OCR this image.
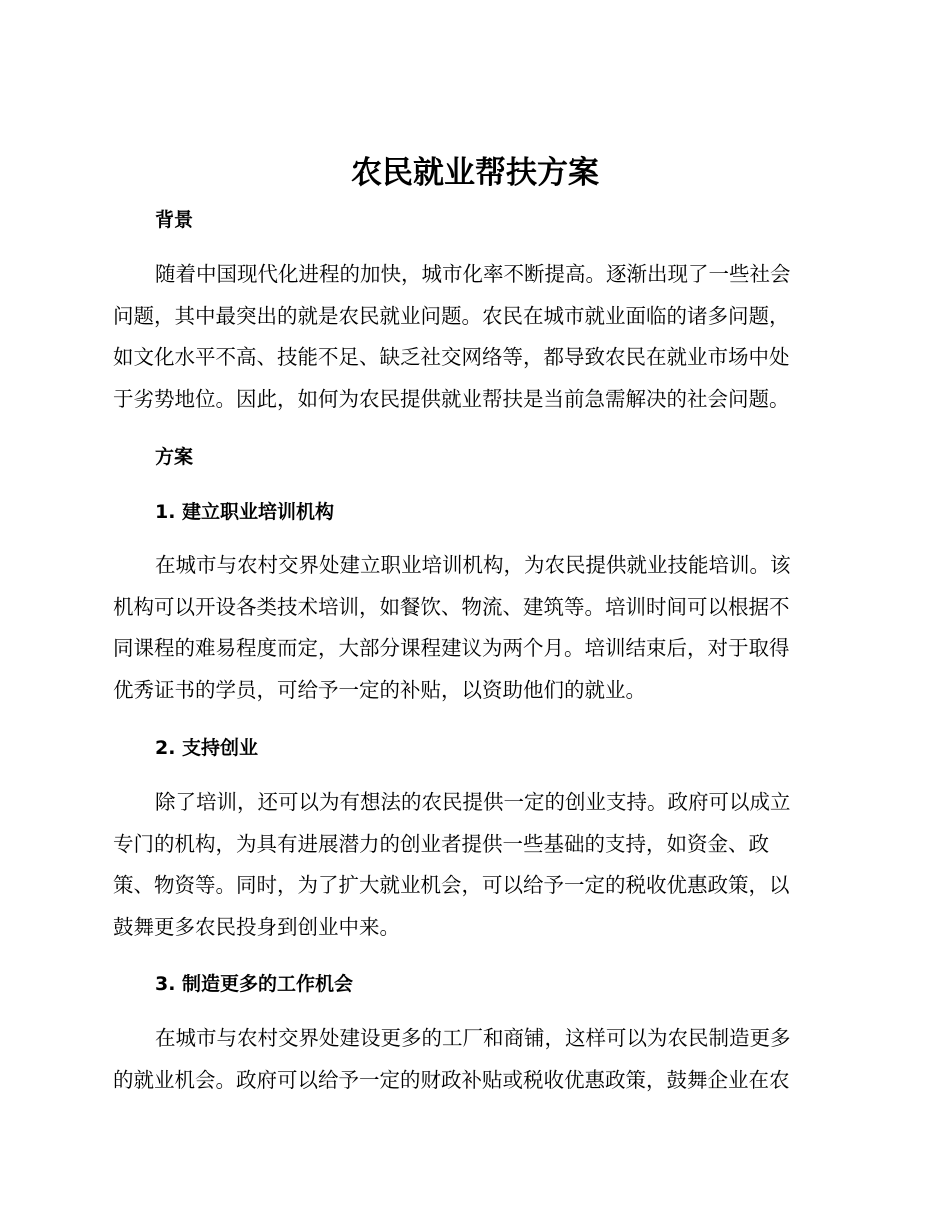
农民就业帮扶方案
背景
随着中国现代化进程的加快，城市化率不断提高。逐渐出现了一些社会
问题，其中最突出的就是农民就业问题。农民在城市就业面临的诸多问题，
如文化水平不高、技能不足、缺乏社交网络等，都导致农民在就业市场中处
于劣势地位。因此，如何为农民提供就业帮扶是当前急需解决的社会问题。
方案
1. 建立职业培训机构
在城市与农村交界处建立职业培训机构，为农民提供就业技能培训。该
机构可以开设各类技术培训，如餐饮、物流、建筑等。培训时间可以根据不
同课程的难易程度而定，大部分课程建议为两个月。培训结束后，对于取得
优秀证书的学员，可给予一定的补贴，以资助他们的就业。
2. 支持创业
除了培训，还可以为有想法的农民提供一定的创业支持。政府可以成立
专门的机构，为具有进展潜力的创业者提供一些基础的支持，如资金、政
策、物资等。同时，为了扩大就业机会，可以给予一定的税收优惠政策，以
鼓舞更多农民投身到创业中来。
3. 制造更多的工作机会
在城市与农村交界处建设更多的工厂和商铺，这样可以为农民制造更多
的就业机会。政府可以给予一定的财政补贴或税收优惠政策，鼓舞企业在农
